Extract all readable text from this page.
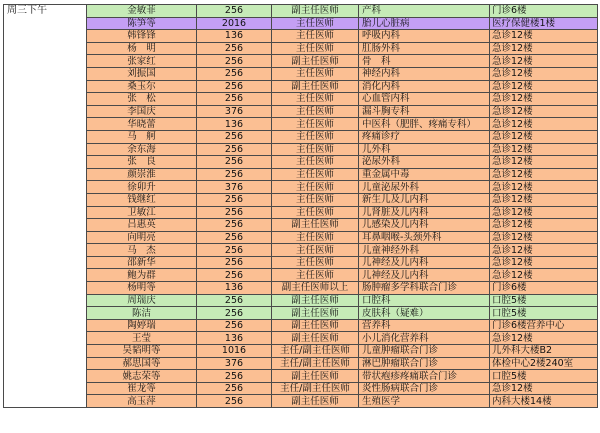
周三下午	金敏菲	256	副主任医师	产科	门诊6楼
	陈笋等	2016	主任医师	胎儿心脏病	医疗保健楼1楼
	韩锋锋	136	主任医师	呼吸内科	急诊12楼
	杨　明	256	主任医师	肛肠外科	急诊12楼
	张家红	256	副主任医师	骨　科	急诊12楼
	刘振国	256	主任医师	神经内科	急诊12楼
	桑玉尔	256	副主任医师	消化内科	急诊12楼
	张　松	256	主任医师	心血管内科	急诊12楼
	李国庆	376	主任医师	漏斗胸专科	急诊12楼
	华晓蕾	136	主任医师	中医科（肥胖、疼痛专科）	急诊12楼
	马　舸	256	主任医师	疼痛诊疗	急诊12楼
	余东海	256	主任医师	儿外科	急诊12楼
	张　良	256	主任医师	泌尿外科	急诊12楼
	颜崇淮	256	主任医师	重金属中毒	急诊12楼
	徐卯升	376	主任医师	儿童泌尿外科	急诊12楼
	钱继红	256	主任医师	新生儿及儿内科	急诊12楼
	卫敏江	256	主任医师	儿肾脏及儿内科	急诊12楼
	吕惠英	256	副主任医师	儿感染及儿内科	急诊12楼
	向明亮	256	主任医师	耳鼻咽喉-头颈外科	急诊12楼
	马　杰	256	主任医师	儿童神经外科	急诊12楼
	邵新华	256	主任医师	儿神经及儿内科	急诊12楼
	鲍为群	256	主任医师	儿神经及儿内科	急诊12楼
	杨明等	136	副主任医师以上	肠肿瘤多学科联合门诊	门诊6楼
	周瑞庆	256	副主任医师	口腔科	口腔5楼
	陈洁	256	副主任医师	皮肤科（疑难）	口腔5楼
	陶婷瑞	256	副主任医师	营养科	门诊6楼营养中心
	王莹	136	副主任医师	小儿消化营养科	急诊12楼
	吴韬明等	1016	主任/副主任医师	儿童肿瘤联合门诊	儿外科大楼B2
	郝思国等	376	主任/副主任医师	淋巴肿瘤联合门诊	体检中心2楼240室
	姚志荣等	256	副主任医师	带状疱疹疼痛联合门诊	口腔5楼
	崔龙等	256	主任/副主任医师	炎性肠病联合门诊	急诊12楼
	高玉萍	256	副主任医师	生殖医学	内科大楼14楼
